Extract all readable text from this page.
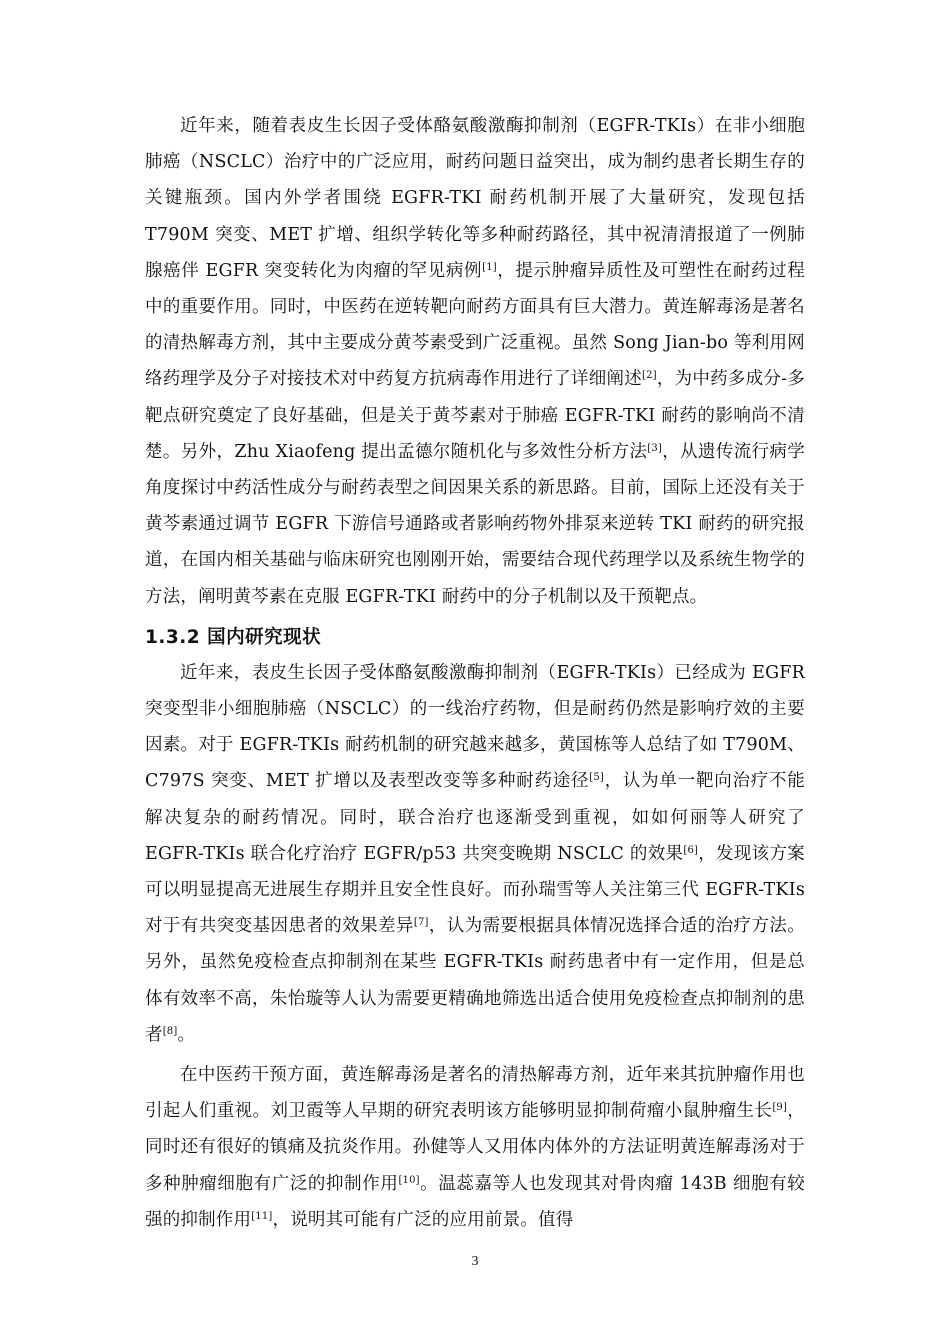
近年来，随着表皮生长因子受体酪氨酸激酶抑制剂（EGFR-TKIs）在非小细胞肺癌（NSCLC）治疗中的广泛应用，耐药问题日益突出，成为制约患者长期生存的关键瓶颈。国内外学者围绕 EGFR-TKI 耐药机制开展了大量研究，发现包括 T790M 突变、MET 扩增、组织学转化等多种耐药路径，其中祝清清报道了一例肺腺癌伴 EGFR 突变转化为肉瘤的罕见病例[1]，提示肿瘤异质性及可塑性在耐药过程中的重要作用。同时，中医药在逆转靶向耐药方面具有巨大潜力。黄连解毒汤是著名的清热解毒方剂，其中主要成分黄芩素受到广泛重视。虽然 Song Jian-bo 等利用网络药理学及分子对接技术对中药复方抗病毒作用进行了详细阐述[2]，为中药多成分-多靶点研究奠定了良好基础，但是关于黄芩素对于肺癌 EGFR-TKI 耐药的影响尚不清楚。另外，Zhu Xiaofeng 提出孟德尔随机化与多效性分析方法[3]，从遗传流行病学角度探讨中药活性成分与耐药表型之间因果关系的新思路。目前，国际上还没有关于黄芩素通过调节 EGFR 下游信号通路或者影响药物外排泵来逆转 TKI 耐药的研究报道，在国内相关基础与临床研究也刚刚开始，需要结合现代药理学以及系统生物学的方法，阐明黄芩素在克服 EGFR-TKI 耐药中的分子机制以及干预靶点。

1.3.2 国内研究现状

近年来，表皮生长因子受体酪氨酸激酶抑制剂（EGFR-TKIs）已经成为 EGFR 突变型非小细胞肺癌（NSCLC）的一线治疗药物，但是耐药仍然是影响疗效的主要因素。对于 EGFR-TKIs 耐药机制的研究越来越多，黄国栋等人总结了如 T790M、C797S 突变、MET 扩增以及表型改变等多种耐药途径[5]，认为单一靶向治疗不能解决复杂的耐药情况。同时，联合治疗也逐渐受到重视，如如何丽等人研究了 EGFR-TKIs 联合化疗治疗 EGFR/p53 共突变晚期 NSCLC 的效果[6]，发现该方案可以明显提高无进展生存期并且安全性良好。而孙瑞雪等人关注第三代 EGFR-TKIs 对于有共突变基因患者的效果差异[7]，认为需要根据具体情况选择合适的治疗方法。另外，虽然免疫检查点抑制剂在某些 EGFR-TKIs 耐药患者中有一定作用，但是总体有效率不高，朱怡璇等人认为需要更精确地筛选出适合使用免疫检查点抑制剂的患者[8]。

在中医药干预方面，黄连解毒汤是著名的清热解毒方剂，近年来其抗肿瘤作用也引起人们重视。刘卫霞等人早期的研究表明该方能够明显抑制荷瘤小鼠肿瘤生长[9]，同时还有很好的镇痛及抗炎作用。孙健等人又用体内体外的方法证明黄连解毒汤对于多种肿瘤细胞有广泛的抑制作用[10]。温蕊嘉等人也发现其对骨肉瘤 143B 细胞有较强的抑制作用[11]，说明其可能有广泛的应用前景。值得

3
